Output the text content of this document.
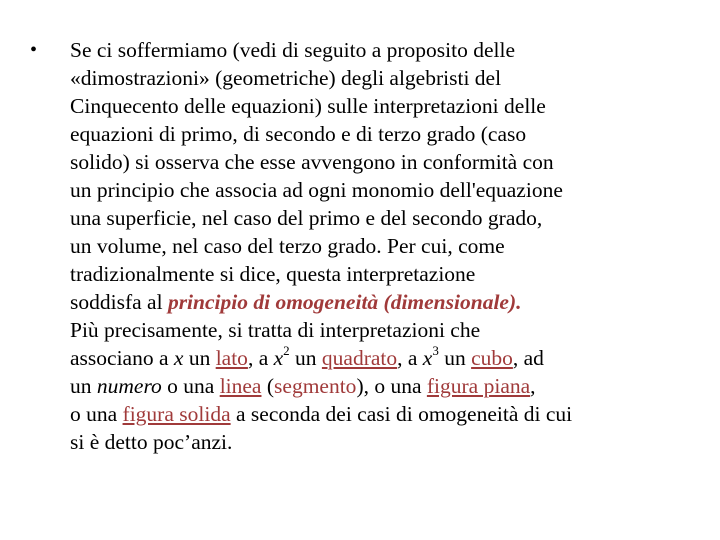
• Se ci soffermiamo (vedi di seguito a proposito delle
«dimostrazioni» (geometriche) degli algebristi del
Cinquecento delle equazioni) sulle interpretazioni delle
equazioni di primo, di secondo e di terzo grado (caso
solido) si osserva che esse avvengono in conformità con
un principio che associa ad ogni monomio dell'equazione
una superficie, nel caso del primo e del secondo grado,
un volume, nel caso del terzo grado. Per cui, come
tradizionalmente si dice, questa interpretazione
soddisfa al principio di omogeneità (dimensionale).
Più precisamente, si tratta di interpretazioni che
associano a x un lato, a $x^2$ un quadrato, a $x^3$ un cubo, ad
un numero o una linea (segmento), o una figura piana,
o una figura solida a seconda dei casi di omogeneità di cui
si è detto poc’anzi.
